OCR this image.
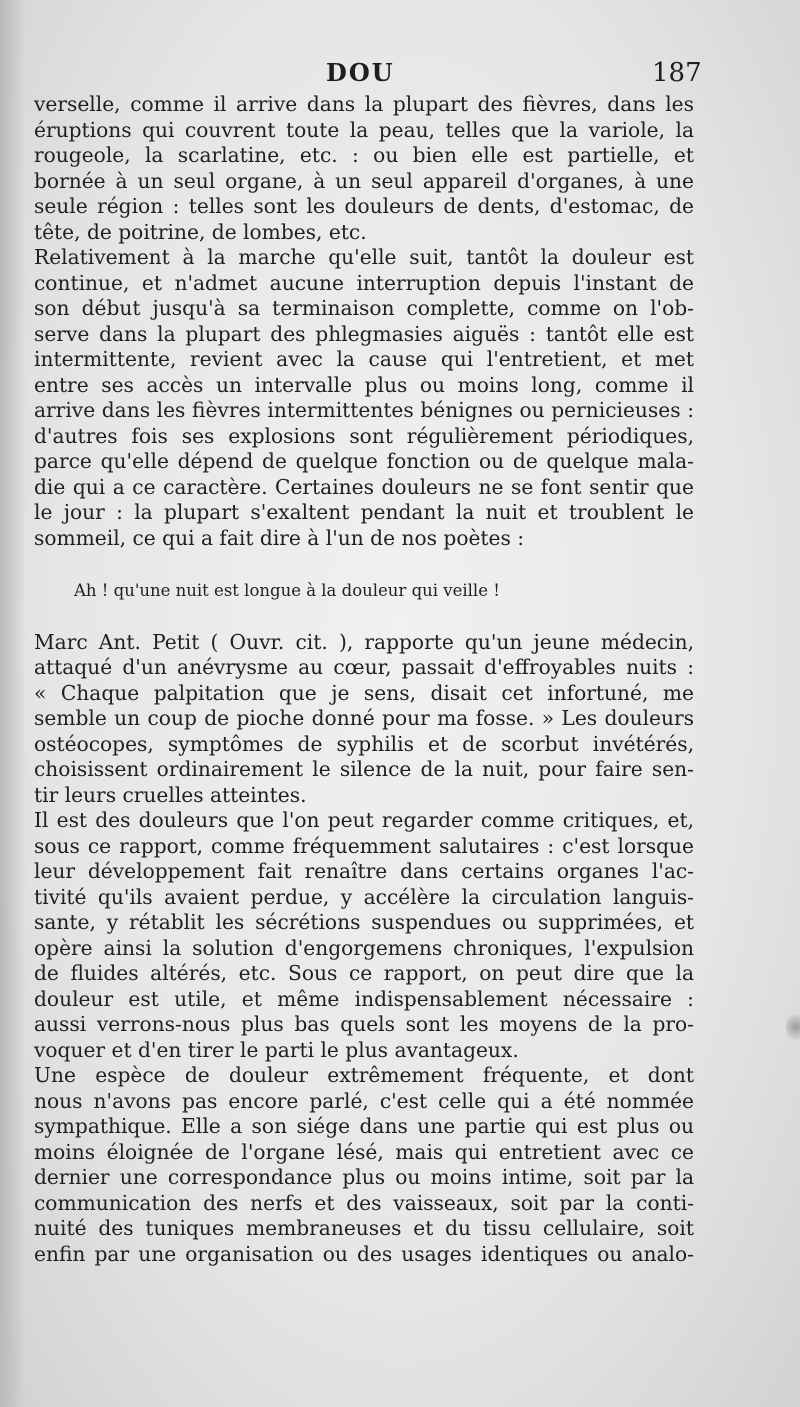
DOU	187
verselle, comme il arrive dans la plupart des fièvres, dans les
éruptions qui couvrent toute la peau, telles que la variole, la
rougeole, la scarlatine, etc. : ou bien elle est partielle, et
bornée à un seul organe, à un seul appareil d'organes, à une
seule région : telles sont les douleurs de dents, d'estomac, de
tête, de poitrine, de lombes, etc.
Relativement à la marche qu'elle suit, tantôt la douleur est
continue, et n'admet aucune interruption depuis l'instant de
son début jusqu'à sa terminaison complette, comme on l'ob-
serve dans la plupart des phlegmasies aiguës : tantôt elle est
intermittente, revient avec la cause qui l'entretient, et met
entre ses accès un intervalle plus ou moins long, comme il
arrive dans les fièvres intermittentes bénignes ou pernicieuses :
d'autres fois ses explosions sont régulièrement périodiques,
parce qu'elle dépend de quelque fonction ou de quelque mala-
die qui a ce caractère. Certaines douleurs ne se font sentir que
le jour : la plupart s'exaltent pendant la nuit et troublent le
sommeil, ce qui a fait dire à l'un de nos poètes :
Ah ! qu'une nuit est longue à la douleur qui veille !
Marc Ant. Petit ( Ouvr. cit. ), rapporte qu'un jeune médecin,
attaqué d'un anévrysme au cœur, passait d'effroyables nuits :
« Chaque palpitation que je sens, disait cet infortuné, me
semble un coup de pioche donné pour ma fosse. » Les douleurs
ostéocopes, symptômes de syphilis et de scorbut invétérés,
choisissent ordinairement le silence de la nuit, pour faire sen-
tir leurs cruelles atteintes.
Il est des douleurs que l'on peut regarder comme critiques, et,
sous ce rapport, comme fréquemment salutaires : c'est lorsque
leur développement fait renaître dans certains organes l'ac-
tivité qu'ils avaient perdue, y accélère la circulation languis-
sante, y rétablit les sécrétions suspendues ou supprimées, et
opère ainsi la solution d'engorgemens chroniques, l'expulsion
de fluides altérés, etc. Sous ce rapport, on peut dire que la
douleur est utile, et même indispensablement nécessaire :
aussi verrons-nous plus bas quels sont les moyens de la pro-
voquer et d'en tirer le parti le plus avantageux.
Une espèce de douleur extrêmement fréquente, et dont
nous n'avons pas encore parlé, c'est celle qui a été nommée
sympathique. Elle a son siége dans une partie qui est plus ou
moins éloignée de l'organe lésé, mais qui entretient avec ce
dernier une correspondance plus ou moins intime, soit par la
communication des nerfs et des vaisseaux, soit par la conti-
nuité des tuniques membraneuses et du tissu cellulaire, soit
enfin par une organisation ou des usages identiques ou analo-
